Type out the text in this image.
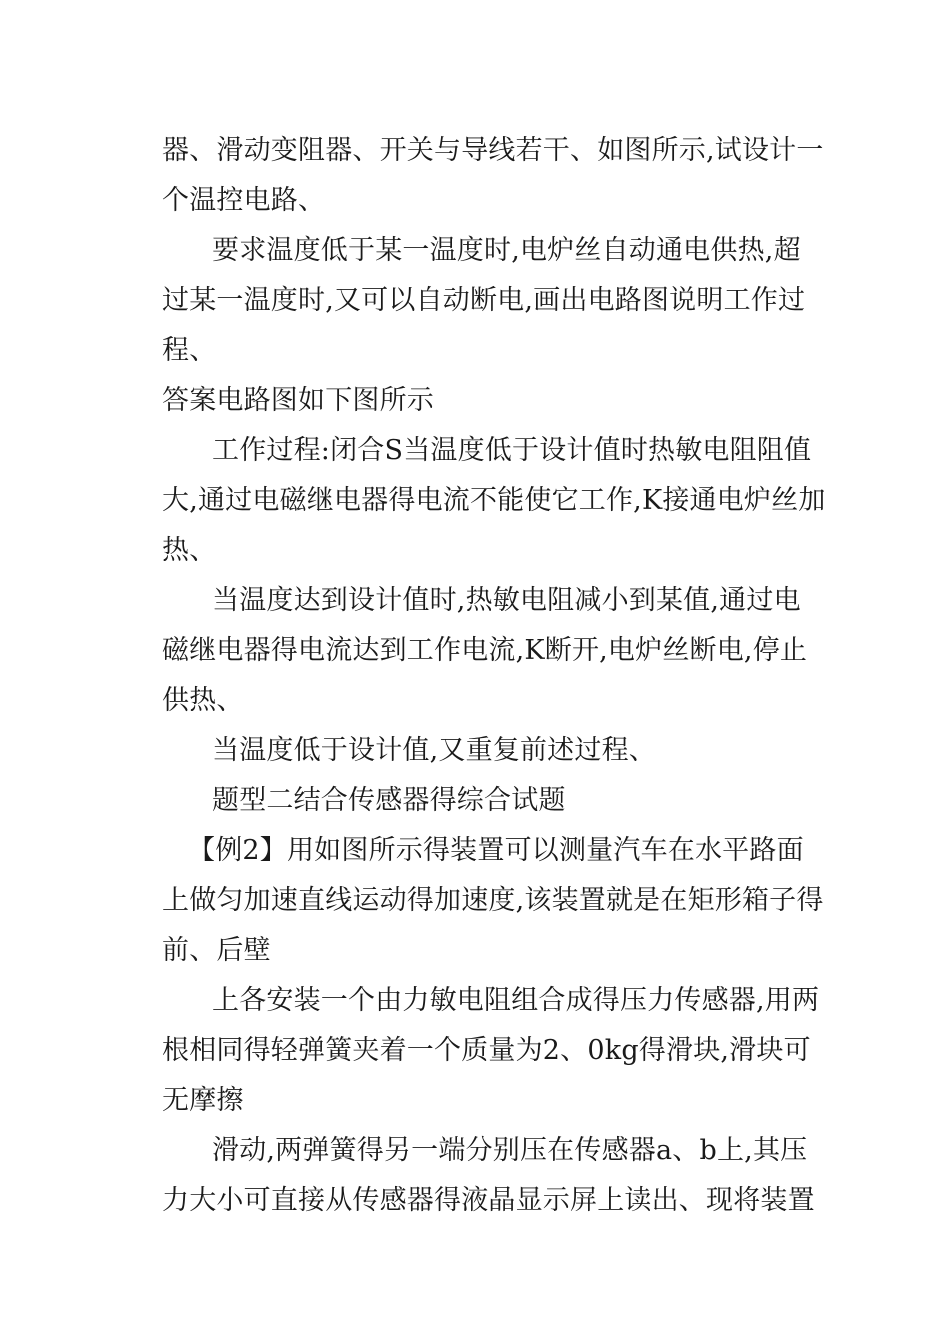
器、滑动变阻器、开关与导线若干、如图所示,试设计一
个温控电路、
要求温度低于某一温度时,电炉丝自动通电供热,超
过某一温度时,又可以自动断电,画出电路图说明工作过
程、
答案电路图如下图所示
工作过程:闭合S当温度低于设计值时热敏电阻阻值
大,通过电磁继电器得电流不能使它工作,K接通电炉丝加
热、
当温度达到设计值时,热敏电阻减小到某值,通过电
磁继电器得电流达到工作电流,K断开,电炉丝断电,停止
供热、
当温度低于设计值,又重复前述过程、
题型二结合传感器得综合试题
【例2】用如图所示得装置可以测量汽车在水平路面
上做匀加速直线运动得加速度,该装置就是在矩形箱子得
前、后壁
上各安装一个由力敏电阻组合成得压力传感器,用两
根相同得轻弹簧夹着一个质量为2、0kg得滑块,滑块可
无摩擦
滑动,两弹簧得另一端分别压在传感器a、b上,其压
力大小可直接从传感器得液晶显示屏上读出、现将装置
